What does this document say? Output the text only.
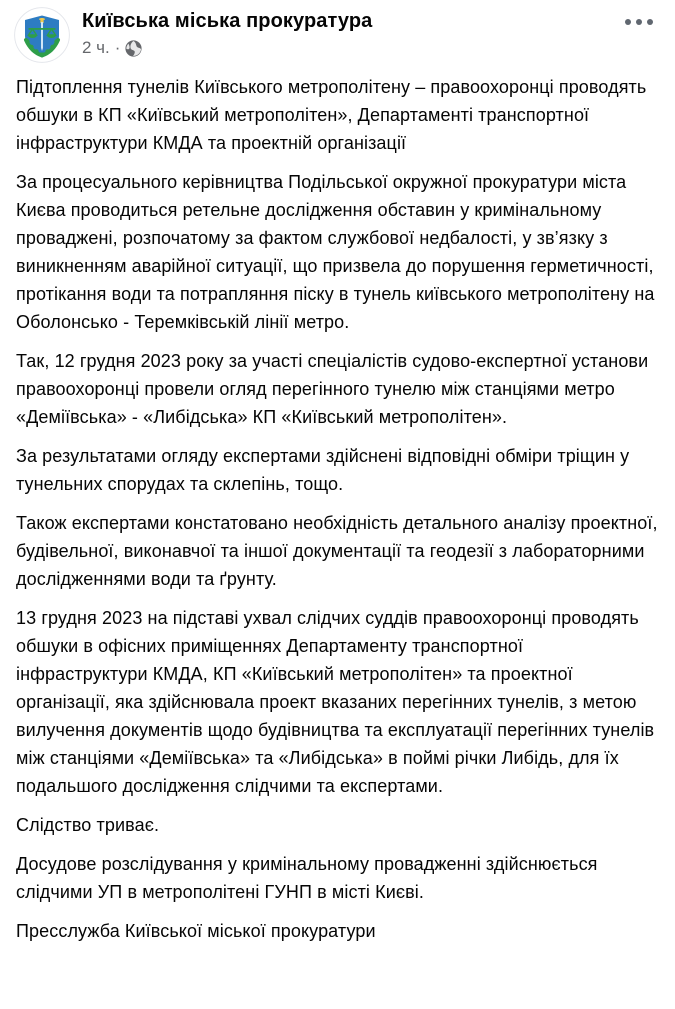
Київська міська прокуратура
2 ч. ·

Підтоплення тунелів Київського метрополітену – правоохоронці проводять обшуки в КП «Київський метрополітен», Департаменті транспортної інфраструктури КМДА та проектній організації

За процесуального керівництва Подільської окружної прокуратури міста Києва проводиться ретельне дослідження обставин у кримінальному проваджені, розпочатому за фактом службової недбалості, у зв’язку з виникненням аварійної ситуації, що призвела до порушення герметичності, протікання води та потрапляння піску в тунель київського метрополітену на Оболонсько - Теремківській лінії метро.

Так, 12 грудня 2023 року за участі спеціалістів судово-експертної установи правоохоронці провели огляд перегінного тунелю між станціями метро «Деміївська» - «Либідська» КП «Київський метрополітен».

За результатами огляду експертами здійснені відповідні обміри тріщин у тунельних спорудах та склепінь, тощо.

Також експертами констатовано необхідність детального аналізу проектної, будівельної, виконавчої та іншої документації та геодезії з лабораторними дослідженнями води та ґрунту.

13 грудня 2023 на підставі ухвал слідчих суддів правоохоронці проводять обшуки в офісних приміщеннях Департаменту транспортної інфраструктури КМДА, КП «Київський метрополітен» та проектної організації, яка здійснювала проект вказаних перегінних тунелів, з метою вилучення документів щодо будівництва та експлуатації перегінних тунелів між станціями «Деміївська» та «Либідська» в поймі річки Либідь, для їх подальшого дослідження слідчими та експертами.

Слідство триває.

Досудове розслідування у кримінальному провадженні здійснюється слідчими УП в метрополітені ГУНП в місті Києві.

Пресслужба Київської міської прокуратури
